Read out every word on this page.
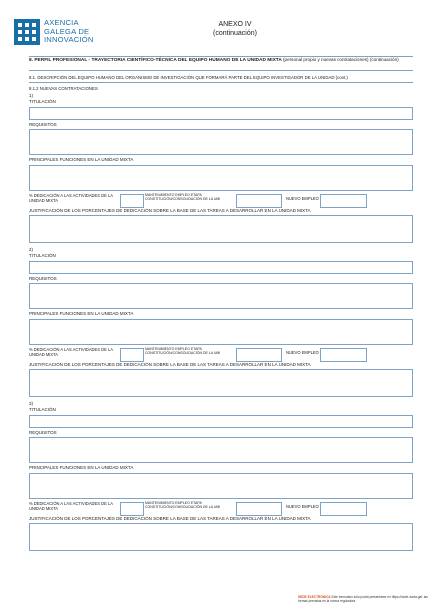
AXENCIA
GALEGA DE
INNOVACIÓN
ANEXO IV
(continuación)
8. PERFIL PROFESIONAL - TRAYECTORIA CIENTÍFICO-TÉCNICA DEL EQUIPO HUMANO DE LA UNIDAD MIXTA (personal propio y nuevas contrataciones) (continuación)
8.1. DESCRIPCIÓN DEL EQUIPO HUMANO DEL ORGANISMO DE INVESTIGACIÓN QUE FORMARÁ PARTE DEL EQUIPO INVESTIGADOR DE LA UNIDAD (cont.)
8.1.2 NUEVAS CONTRATACIONES
1)
TITULACIÓN
REQUISITOS
PRINCIPALES FUNCIONES EN LA UNIDAD MIXTA
% DEDICACIÓN A LAS ACTIVIDADES DE LA UNIDAD MIXTA
MANTENIMIENTO EMPLEO ETAPA CONSTITUCIÓN/CONSOLIDACIÓN DE LA UMI	NUEVO EMPLEO
JUSTIFICACIÓN DE LOS PORCENTAJES DE DEDICACIÓN SOBRE LA BASE DE LAS TAREAS A DESARROLLAR EN LA UNIDAD MIXTA
2)
TITULACIÓN
REQUISITOS
PRINCIPALES FUNCIONES EN LA UNIDAD MIXTA
% DEDICACIÓN A LAS ACTIVIDADES DE LA UNIDAD MIXTA
MANTENIMIENTO EMPLEO ETAPA CONSTITUCIÓN/CONSOLIDACIÓN DE LA UMI	NUEVO EMPLEO
JUSTIFICACIÓN DE LOS PORCENTAJES DE DEDICACIÓN SOBRE LA BASE DE LAS TAREAS A DESARROLLAR EN LA UNIDAD MIXTA
3)
TITULACIÓN
REQUISITOS
PRINCIPALES FUNCIONES EN LA UNIDAD MIXTA
% DEDICACIÓN A LAS ACTIVIDADES DE LA UNIDAD MIXTA
MANTENIMIENTO EMPLEO ETAPA CONSTITUCIÓN/CONSOLIDACIÓN DE LA UMI	NUEVO EMPLEO
JUSTIFICACIÓN DE LOS PORCENTAJES DE DEDICACIÓN SOBRE LA BASE DE LAS TAREAS A DESARROLLAR EN LA UNIDAD MIXTA
SEDE ELECTRÓNICA Este formulario sólo podrá presentarse en https://sede.xunta.gal: las formas previstas en la norma reguladora
